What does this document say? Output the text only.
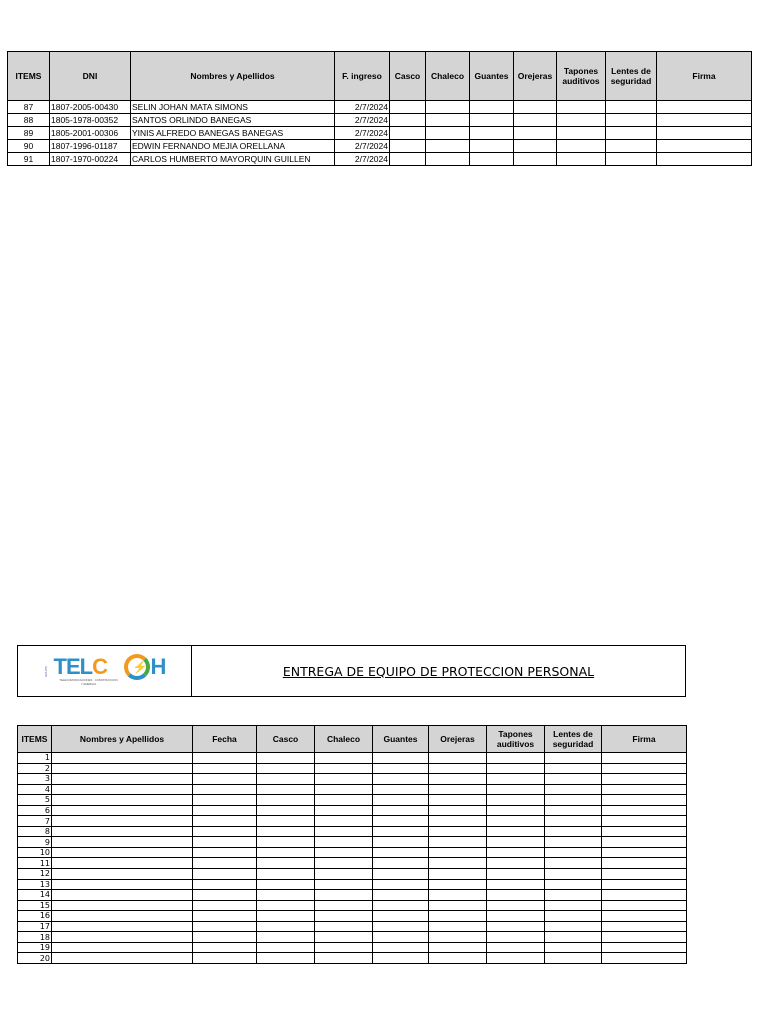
ITEMS	DNI	Nombres y Apellidos	F. ingreso	Casco	Chaleco	Guantes	Orejeras	Tapones auditivos	Lentes de seguridad	Firma
87	1807-2005-00430	SELIN JOHAN MATA SIMONS	2/7/2024							
88	1805-1978-00352	SANTOS ORLINDO BANEGAS	2/7/2024							
89	1805-2001-00306	YINIS ALFREDO BANEGAS BANEGAS	2/7/2024							
90	1807-1996-01187	EDWIN FERNANDO MEJIA ORELLANA	2/7/2024							
91	1807-1970-00224	CARLOS HUMBERTO MAYORQUIN GUILLEN	2/7/2024							
GRUPO TELC ⚡ H
TELECOMUNICACIONES · CONSTRUCCION
Y ENERGIA
	ENTREGA DE EQUIPO DE PROTECCION PERSONAL
ITEMS	Nombres y Apellidos	Fecha	Casco	Chaleco	Guantes	Orejeras	Tapones auditivos	Lentes de seguridad	Firma
1									
2									
3									
4									
5									
6									
7									
8									
9									
10									
11									
12									
13									
14									
15									
16									
17									
18									
19									
20									
